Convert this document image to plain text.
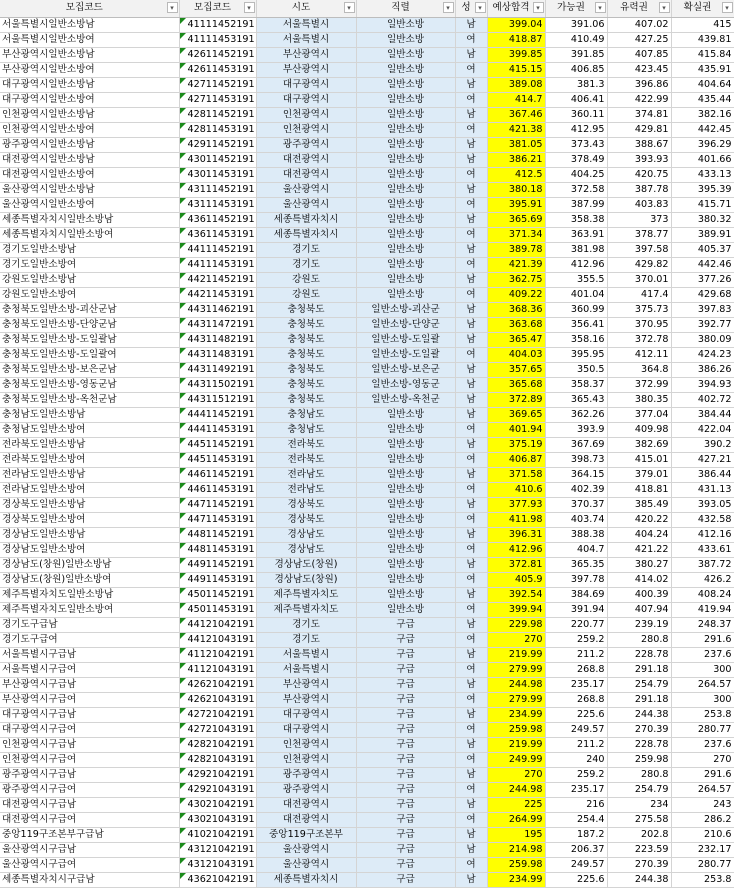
모집코드 ▾	모집코드 ▾	시도 ▾	직렬 ▾	성 ▾	예상합격 ▾	가능권 ▾	유력권 ▾	확실권 ▾

서울특별시일반소방남	41111452191	서울특별시	일반소방	남	399.04	391.06	407.02	415
서울특별시일반소방여	41111453191	서울특별시	일반소방	여	418.87	410.49	427.25	439.81
부산광역시일반소방남	42611452191	부산광역시	일반소방	남	399.85	391.85	407.85	415.84
부산광역시일반소방여	42611453191	부산광역시	일반소방	여	415.15	406.85	423.45	435.91
대구광역시일반소방남	42711452191	대구광역시	일반소방	남	389.08	381.3	396.86	404.64
대구광역시일반소방여	42711453191	대구광역시	일반소방	여	414.7	406.41	422.99	435.44
인천광역시일반소방남	42811452191	인천광역시	일반소방	남	367.46	360.11	374.81	382.16
인천광역시일반소방여	42811453191	인천광역시	일반소방	여	421.38	412.95	429.81	442.45
광주광역시일반소방남	42911452191	광주광역시	일반소방	남	381.05	373.43	388.67	396.29
대전광역시일반소방남	43011452191	대전광역시	일반소방	남	386.21	378.49	393.93	401.66
대전광역시일반소방여	43011453191	대전광역시	일반소방	여	412.5	404.25	420.75	433.13
울산광역시일반소방남	43111452191	울산광역시	일반소방	남	380.18	372.58	387.78	395.39
울산광역시일반소방여	43111453191	울산광역시	일반소방	여	395.91	387.99	403.83	415.71
세종특별자치시일반소방남	43611452191	세종특별자치시	일반소방	남	365.69	358.38	373	380.32
세종특별자치시일반소방여	43611453191	세종특별자치시	일반소방	여	371.34	363.91	378.77	389.91
경기도일반소방남	44111452191	경기도	일반소방	남	389.78	381.98	397.58	405.37
경기도일반소방여	44111453191	경기도	일반소방	여	421.39	412.96	429.82	442.46
강원도일반소방남	44211452191	강원도	일반소방	남	362.75	355.5	370.01	377.26
강원도일반소방여	44211453191	강원도	일반소방	여	409.22	401.04	417.4	429.68
충청북도일반소방-괴산군남	44311462191	충청북도	일반소방-괴산군	남	368.36	360.99	375.73	397.83
충청북도일반소방-단양군남	44311472191	충청북도	일반소방-단양군	남	363.68	356.41	370.95	392.77
충청북도일반소방-도일괄남	44311482191	충청북도	일반소방-도일괄	남	365.47	358.16	372.78	380.09
충청북도일반소방-도일괄여	44311483191	충청북도	일반소방-도일괄	여	404.03	395.95	412.11	424.23
충청북도일반소방-보은군남	44311492191	충청북도	일반소방-보은군	남	357.65	350.5	364.8	386.26
충청북도일반소방-영동군남	44311502191	충청북도	일반소방-영동군	남	365.68	358.37	372.99	394.93
충청북도일반소방-옥천군남	44311512191	충청북도	일반소방-옥천군	남	372.89	365.43	380.35	402.72
충청남도일반소방남	44411452191	충청남도	일반소방	남	369.65	362.26	377.04	384.44
충청남도일반소방여	44411453191	충청남도	일반소방	여	401.94	393.9	409.98	422.04
전라북도일반소방남	44511452191	전라북도	일반소방	남	375.19	367.69	382.69	390.2
전라북도일반소방여	44511453191	전라북도	일반소방	여	406.87	398.73	415.01	427.21
전라남도일반소방남	44611452191	전라남도	일반소방	남	371.58	364.15	379.01	386.44
전라남도일반소방여	44611453191	전라남도	일반소방	여	410.6	402.39	418.81	431.13
경상북도일반소방남	44711452191	경상북도	일반소방	남	377.93	370.37	385.49	393.05
경상북도일반소방여	44711453191	경상북도	일반소방	여	411.98	403.74	420.22	432.58
경상남도일반소방남	44811452191	경상남도	일반소방	남	396.31	388.38	404.24	412.16
경상남도일반소방여	44811453191	경상남도	일반소방	여	412.96	404.7	421.22	433.61
경상남도(창원)일반소방남	44911452191	경상남도(창원)	일반소방	남	372.81	365.35	380.27	387.72
경상남도(창원)일반소방여	44911453191	경상남도(창원)	일반소방	여	405.9	397.78	414.02	426.2
제주특별자치도일반소방남	45011452191	제주특별자치도	일반소방	남	392.54	384.69	400.39	408.24
제주특별자치도일반소방여	45011453191	제주특별자치도	일반소방	여	399.94	391.94	407.94	419.94
경기도구급남	44121042191	경기도	구급	남	229.98	220.77	239.19	248.37
경기도구급여	44121043191	경기도	구급	여	270	259.2	280.8	291.6
서울특별시구급남	41121042191	서울특별시	구급	남	219.99	211.2	228.78	237.6
서울특별시구급여	41121043191	서울특별시	구급	여	279.99	268.8	291.18	300
부산광역시구급남	42621042191	부산광역시	구급	남	244.98	235.17	254.79	264.57
부산광역시구급여	42621043191	부산광역시	구급	여	279.99	268.8	291.18	300
대구광역시구급남	42721042191	대구광역시	구급	남	234.99	225.6	244.38	253.8
대구광역시구급여	42721043191	대구광역시	구급	여	259.98	249.57	270.39	280.77
인천광역시구급남	42821042191	인천광역시	구급	남	219.99	211.2	228.78	237.6
인천광역시구급여	42821043191	인천광역시	구급	여	249.99	240	259.98	270
광주광역시구급남	42921042191	광주광역시	구급	남	270	259.2	280.8	291.6
광주광역시구급여	42921043191	광주광역시	구급	여	244.98	235.17	254.79	264.57
대전광역시구급남	43021042191	대전광역시	구급	남	225	216	234	243
대전광역시구급여	43021043191	대전광역시	구급	여	264.99	254.4	275.58	286.2
중앙119구조본부구급남	41021042191	중앙119구조본부	구급	남	195	187.2	202.8	210.6
울산광역시구급남	43121042191	울산광역시	구급	남	214.98	206.37	223.59	232.17
울산광역시구급여	43121043191	울산광역시	구급	여	259.98	249.57	270.39	280.77
세종특별자치시구급남	43621042191	세종특별자치시	구급	남	234.99	225.6	244.38	253.8
